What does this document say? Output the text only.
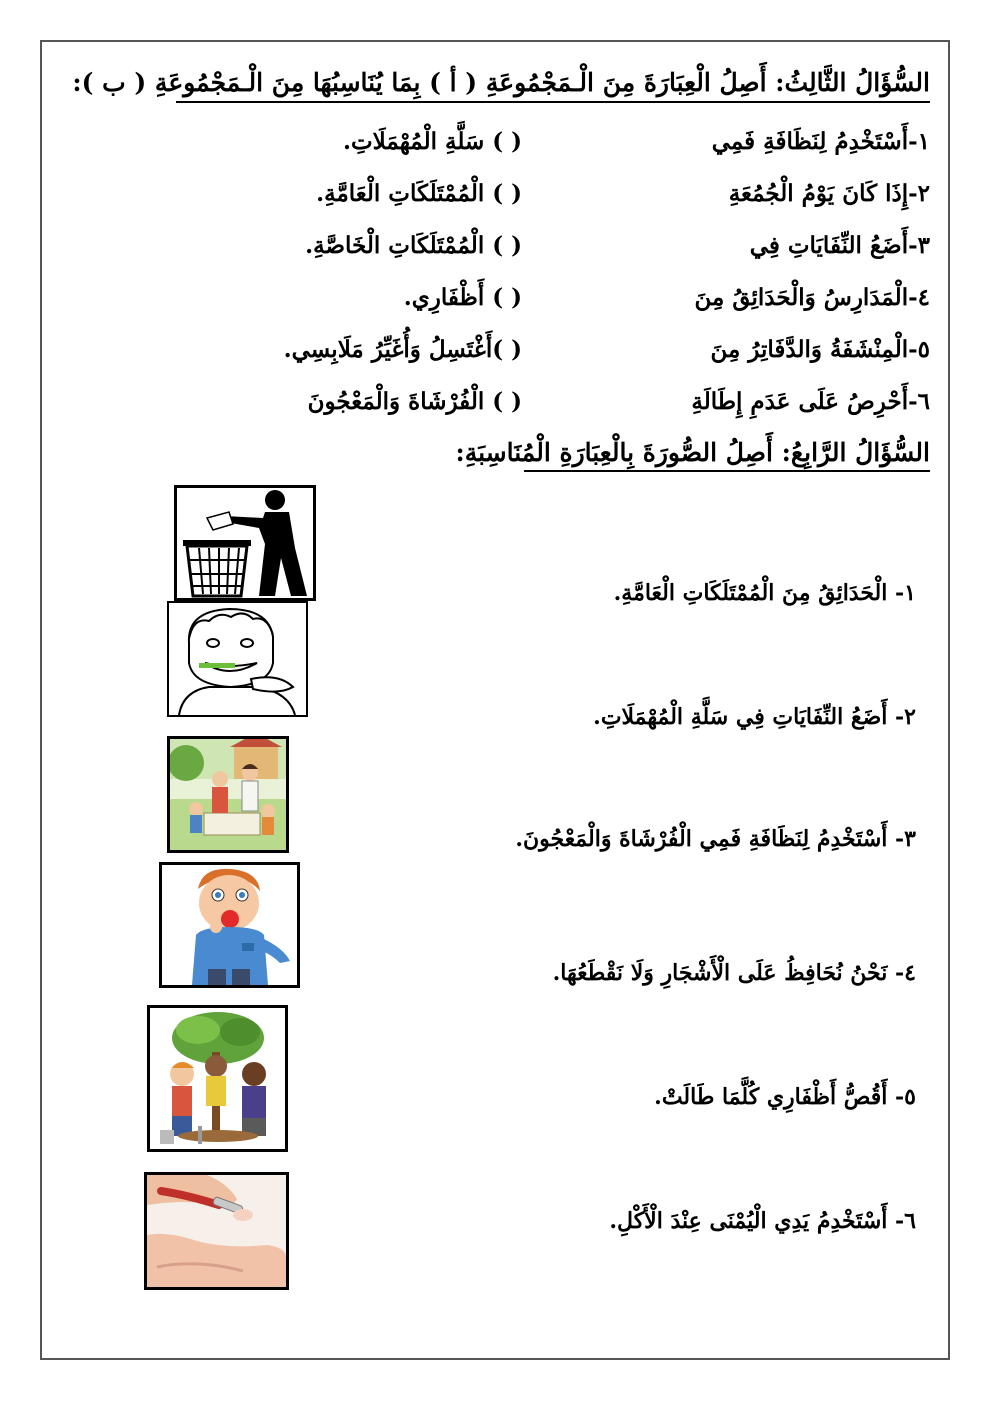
السُّؤَالُ الثَّالِثُ: أَصِلُ الْعِبَارَةَ مِنَ الْـمَجْمُوعَةِ ( أ ) بِمَا يُنَاسِبُهَا مِنَ الْـمَجْمُوعَةِ ( ب ):
١-أَسْتَخْدِمُ لِنَظَافَةِ فَمِي
٢-إِذَا كَانَ يَوْمُ الْجُمُعَةِ
٣-أَضَعُ النِّفَايَاتِ فِي
٤-الْمَدَارِسُ وَالْحَدَائِقُ مِنَ
٥-الْمِنْشَفَةُ وَالدَّفَاتِرُ مِنَ
٦-أَحْرِصُ عَلَى عَدَمِ إِطَالَةِ
( ) سَلَّةِ الْمُهْمَلَاتِ.
( ) الْمُمْتَلَكَاتِ الْعَامَّةِ.
( ) الْمُمْتَلَكَاتِ الْخَاصَّةِ.
( ) أَظْفَارِي.
( )أَغْتَسِلُ وَأُغَيِّرُ مَلَابِسِي.
( ) الْفُرْشَاةَ وَالْمَعْجُونَ
السُّؤَالُ الرَّابِعُ: أَصِلُ الصُّورَةَ بِالْعِبَارَةِ الْمُنَاسِبَةِ:
١- الْحَدَائِقُ مِنَ الْمُمْتَلَكَاتِ الْعَامَّةِ.
٢- أَضَعُ النِّفَايَاتِ فِي سَلَّةِ الْمُهْمَلَاتِ.
٣- أَسْتَخْدِمُ لِنَظَافَةِ فَمِي الْفُرْشَاةَ وَالْمَعْجُونَ.
٤- نَحْنُ نُحَافِظُ عَلَى الْأَشْجَارِ وَلَا نَقْطَعُهَا.
٥- أَقُصُّ أَظْفَارِي كُلَّمَا طَالَتْ.
٦- أَسْتَخْدِمُ يَدِي الْيُمْنَى عِنْدَ الْأَكْلِ.
